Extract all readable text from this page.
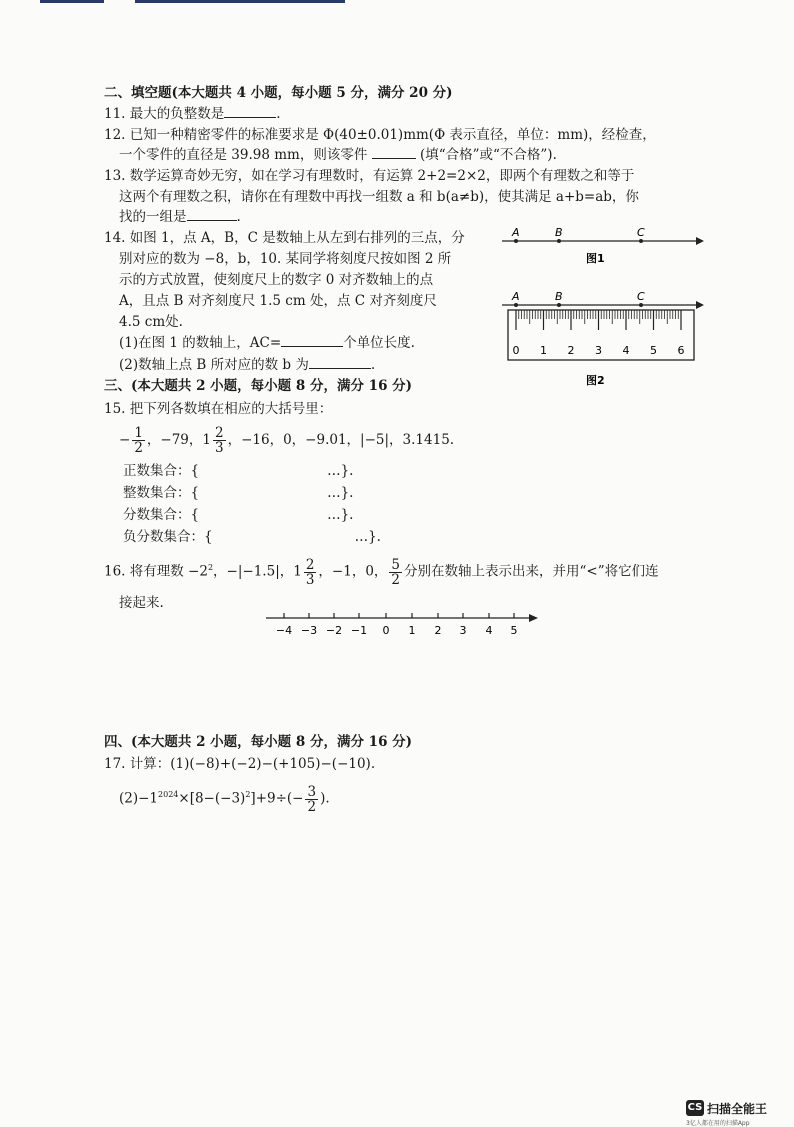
二、填空题(本大题共 4 小题，每小题 5 分，满分 20 分)
11. 最大的负整数是	.
12. 已知一种精密零件的标准要求是 Φ(40±0.01)mm(Φ 表示直径，单位：mm)，经检查，
一个零件的直径是 39.98 mm，则该零件	(填“合格”或“不合格”).
13. 数学运算奇妙无穷，如在学习有理数时，有运算 2+2=2×2，即两个有理数之和等于
这两个有理数之积，请你在有理数中再找一组数 a 和 b(a≠b)，使其满足 a+b=ab，你
找的一组是	.
14. 如图 1，点 A，B，C 是数轴上从左到右排列的三点，分
别对应的数为 −8，b，10. 某同学将刻度尺按如图 2 所
示的方式放置，使刻度尺上的数字 0 对齐数轴上的点
A，且点 B 对齐刻度尺 1.5 cm 处，点 C 对齐刻度尺
4.5 cm处.
(1)在图 1 的数轴上，AC=	个单位长度.
(2)数轴上点 B 所对应的数 b 为	.
A	B	C
图1
A	B	C
0 1 2 3 4 5 6
图2
三、(本大题共 2 小题，每小题 8 分，满分 16 分)
15. 把下列各数填在相应的大括号里：
− $\frac{1}{2}$ ，−79，$1 \frac{2}{3}$ ，−16，0，−9.01，|−5|，3.1415.
正数集合：{	…}.
整数集合：{	…}.
分数集合：{	…}.
负分数集合：{	…}.
16. 将有理数 $-2^2$，−|−1.5|，$1 \frac{2}{3}$ ，−1，0， $\frac{5}{2}$ 分别在数轴上表示出来，并用“<”将它们连
接起来.
−4 −3 −2 −1 0 1 2 3 4 5
四、(本大题共 2 小题，每小题 8 分，满分 16 分)
17. 计算：(1)(−8)+(−2)−(+105)−(−10).
$(2)-1^{2024}\times[8-(-3)^2]+9\div(- \frac{3}{2}$ ).
CS 扫描全能王
3亿人都在用的扫描App
